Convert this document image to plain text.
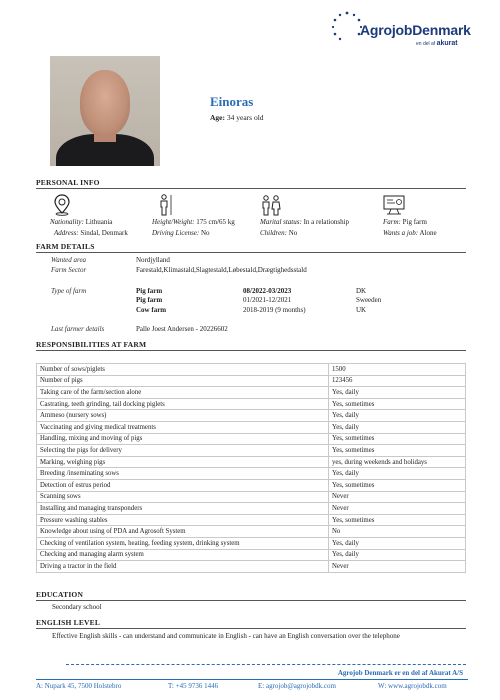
AgrojobDenmark
en del af akurat
Einoras
Age: 34 years old
PERSONAL INFO
Nationality: Lithuania	Height/Weight: 175 cm/65 kg	Marital status: In a relationship	Farm: Pig farm
Address: Sindal, Denmark	Driving License: No	Children: No	Wants a job: Alone
FARM DETAILS
Wanted area	Nordjylland
Farm Sector	Farestald,Klimastald,Slagtestald,Løbestald,Drægtighedsstald
Type of farm	Pig farm	08/2022-03/2023	DK
Pig farm	01/2021-12/2021	Sweeden
Cow farm	2018-2019 (9 months)	UK
Last farmer details	Palle Joest Andersen - 20226602
RESPONSIBILITIES AT FARM
Number of sows/piglets	1500
Number of pigs	123456
Taking care of the farm/section alone	Yes, daily
Castrating, teeth grinding, tail docking piglets	Yes, sometimes
Ammeso (nursery sows)	Yes, daily
Vaccinating and giving medical treatments	Yes, daily
Handling, mixing and moving of pigs	Yes, sometimes
Selecting the pigs for delivery	Yes, sometimes
Marking, weighing pigs	yes, during weekends and holidays
Breeding /inseminating sows	Yes, daily
Detection of estrus period	Yes, sometimes
Scanning sows	Never
Installing and managing transponders	Never
Pressure washing stables	Yes, sometimes
Knowledge about using of PDA and Agrosoft System	No
Checking of ventilation system, heating, feeding system, drinking system	Yes, daily
Checking and managing alarm system	Yes, daily
Driving a tractor in the field	Never
EDUCATION
Secondary school
ENGLISH LEVEL
Effective English skills - can understand and communicate in English - can have an English conversation over the telephone
Agrojob Denmark er en del af Akurat A/S
A: Nupark 45, 7500 Holstebro	T: +45 9736 1446	E: agrojob@agrojobdk.com	W: www.agrojobdk.com
